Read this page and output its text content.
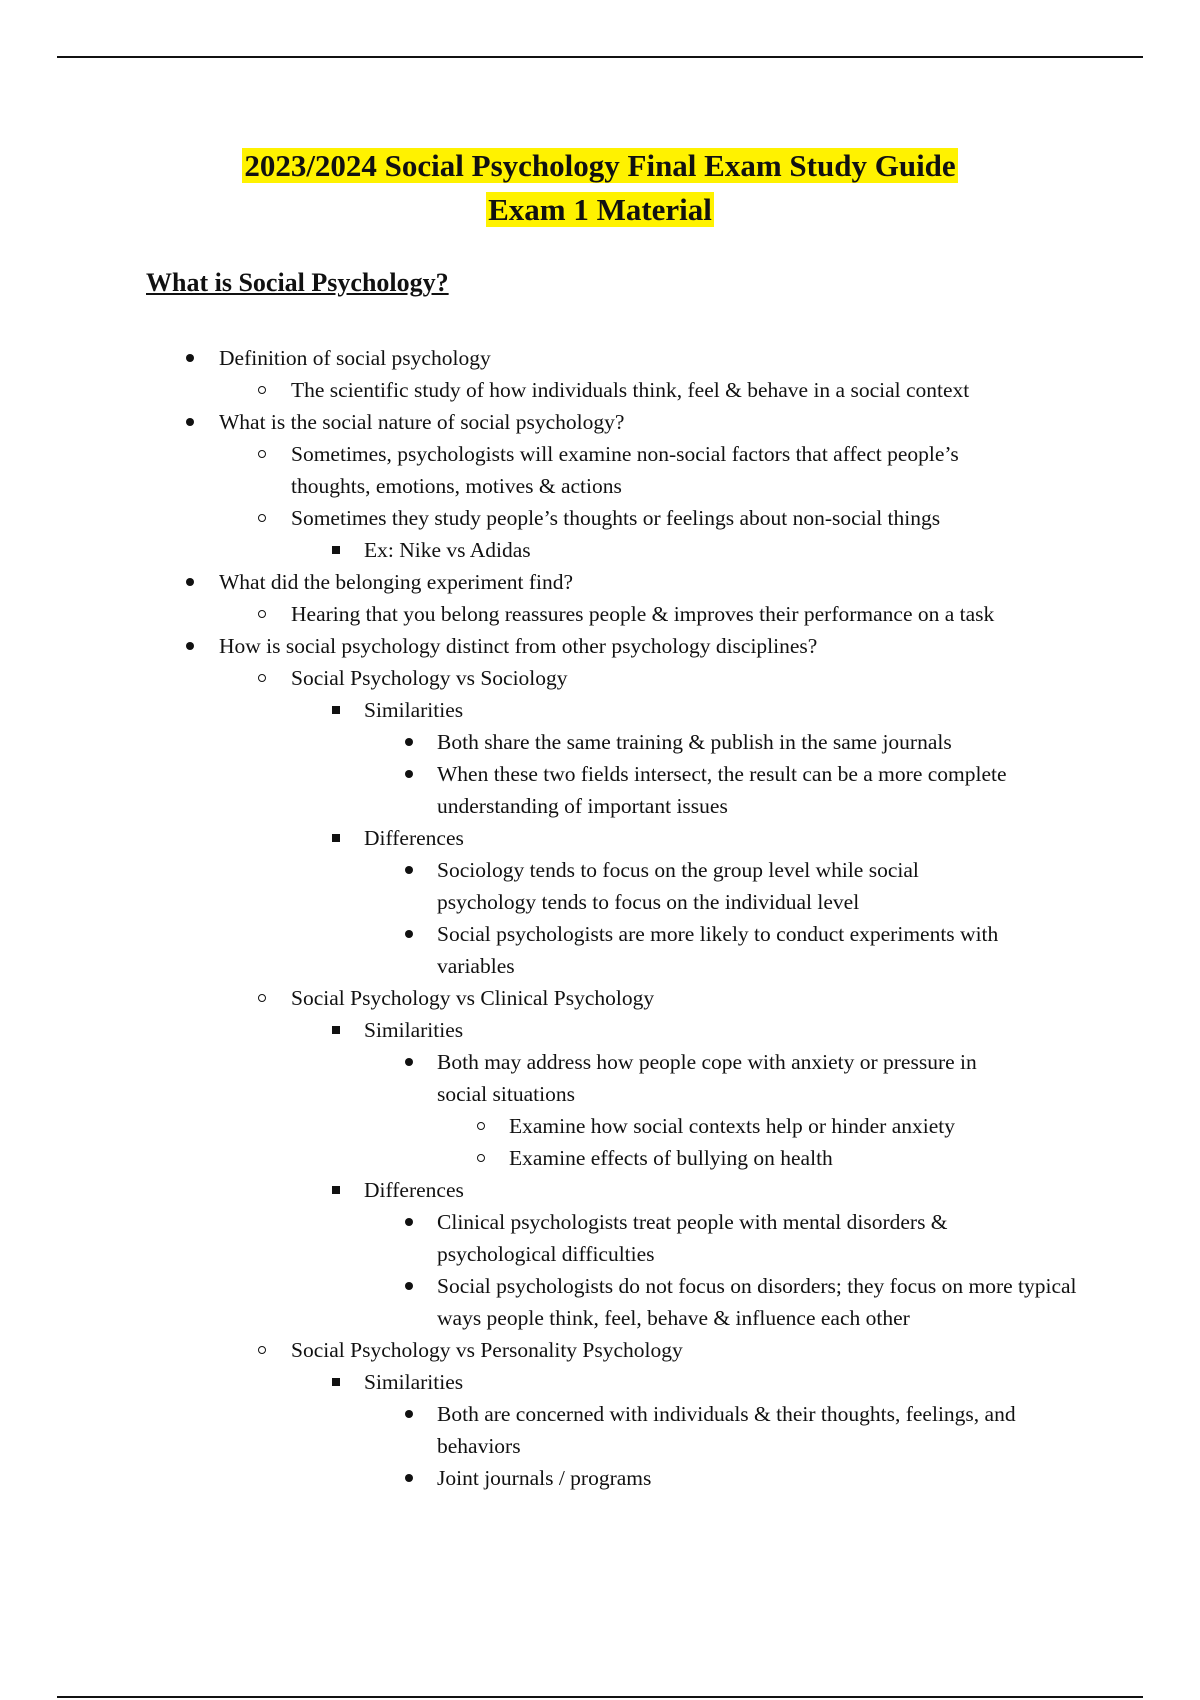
2023/2024 Social Psychology Final Exam Study Guide
Exam 1 Material
What is Social Psychology?
Definition of social psychology
The scientific study of how individuals think, feel & behave in a social context
What is the social nature of social psychology?
Sometimes, psychologists will examine non-social factors that affect people’s thoughts, emotions, motives & actions
Sometimes they study people’s thoughts or feelings about non-social things
Ex: Nike vs Adidas
What did the belonging experiment find?
Hearing that you belong reassures people & improves their performance on a task
How is social psychology distinct from other psychology disciplines?
Social Psychology vs Sociology
Similarities
Both share the same training & publish in the same journals
When these two fields intersect, the result can be a more complete understanding of important issues
Differences
Sociology tends to focus on the group level while social psychology tends to focus on the individual level
Social psychologists are more likely to conduct experiments with variables
Social Psychology vs Clinical Psychology
Similarities
Both may address how people cope with anxiety or pressure in social situations
Examine how social contexts help or hinder anxiety
Examine effects of bullying on health
Differences
Clinical psychologists treat people with mental disorders & psychological difficulties
Social psychologists do not focus on disorders; they focus on more typical ways people think, feel, behave & influence each other
Social Psychology vs Personality Psychology
Similarities
Both are concerned with individuals & their thoughts, feelings, and behaviors
Joint journals / programs
